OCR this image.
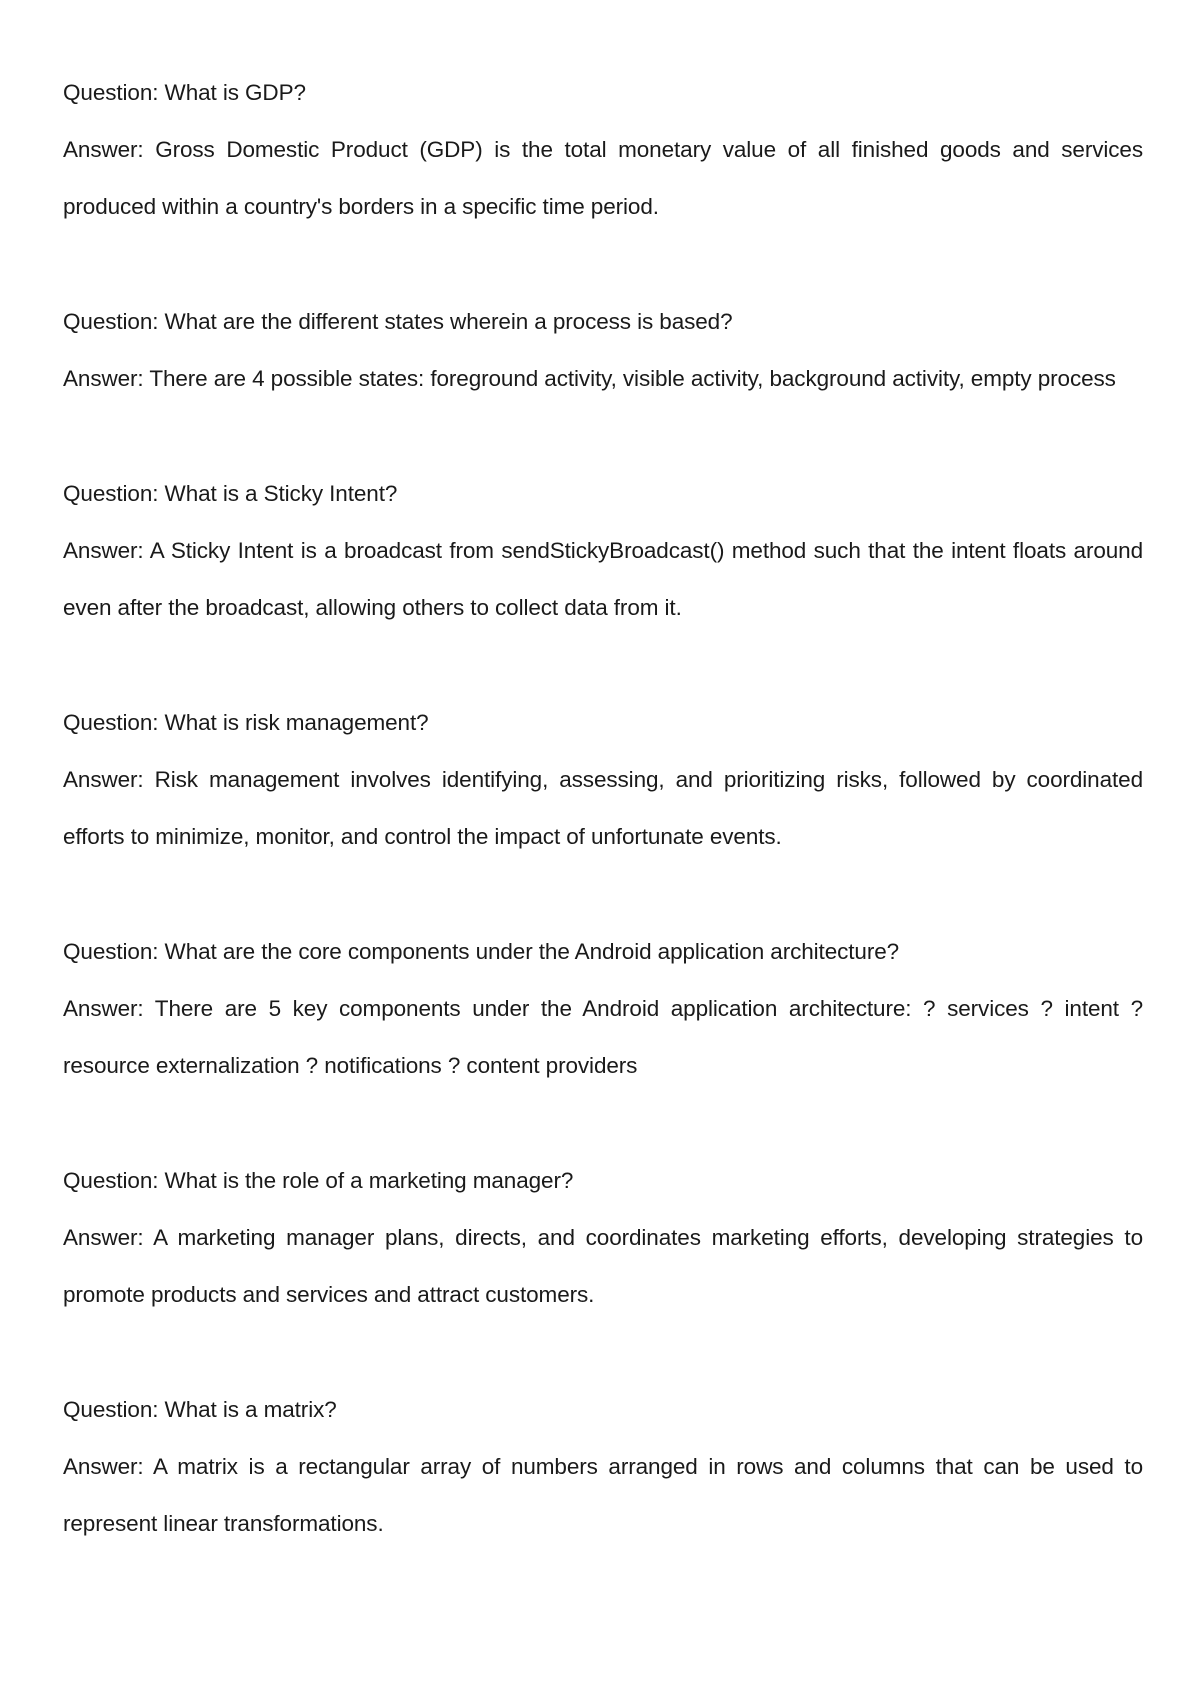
Question: What is GDP?

Answer: Gross Domestic Product (GDP) is the total monetary value of all finished goods and services produced within a country's borders in a specific time period.

Question: What are the different states wherein a process is based?

Answer: There are 4 possible states: foreground activity, visible activity, background activity, empty process

Question: What is a Sticky Intent?

Answer: A Sticky Intent is a broadcast from sendStickyBroadcast() method such that the intent floats around even after the broadcast, allowing others to collect data from it.

Question: What is risk management?

Answer: Risk management involves identifying, assessing, and prioritizing risks, followed by coordinated efforts to minimize, monitor, and control the impact of unfortunate events.

Question: What are the core components under the Android application architecture?

Answer: There are 5 key components under the Android application architecture: ? services ? intent ? resource externalization ? notifications ? content providers

Question: What is the role of a marketing manager?

Answer: A marketing manager plans, directs, and coordinates marketing efforts, developing strategies to promote products and services and attract customers.

Question: What is a matrix?

Answer: A matrix is a rectangular array of numbers arranged in rows and columns that can be used to represent linear transformations.
